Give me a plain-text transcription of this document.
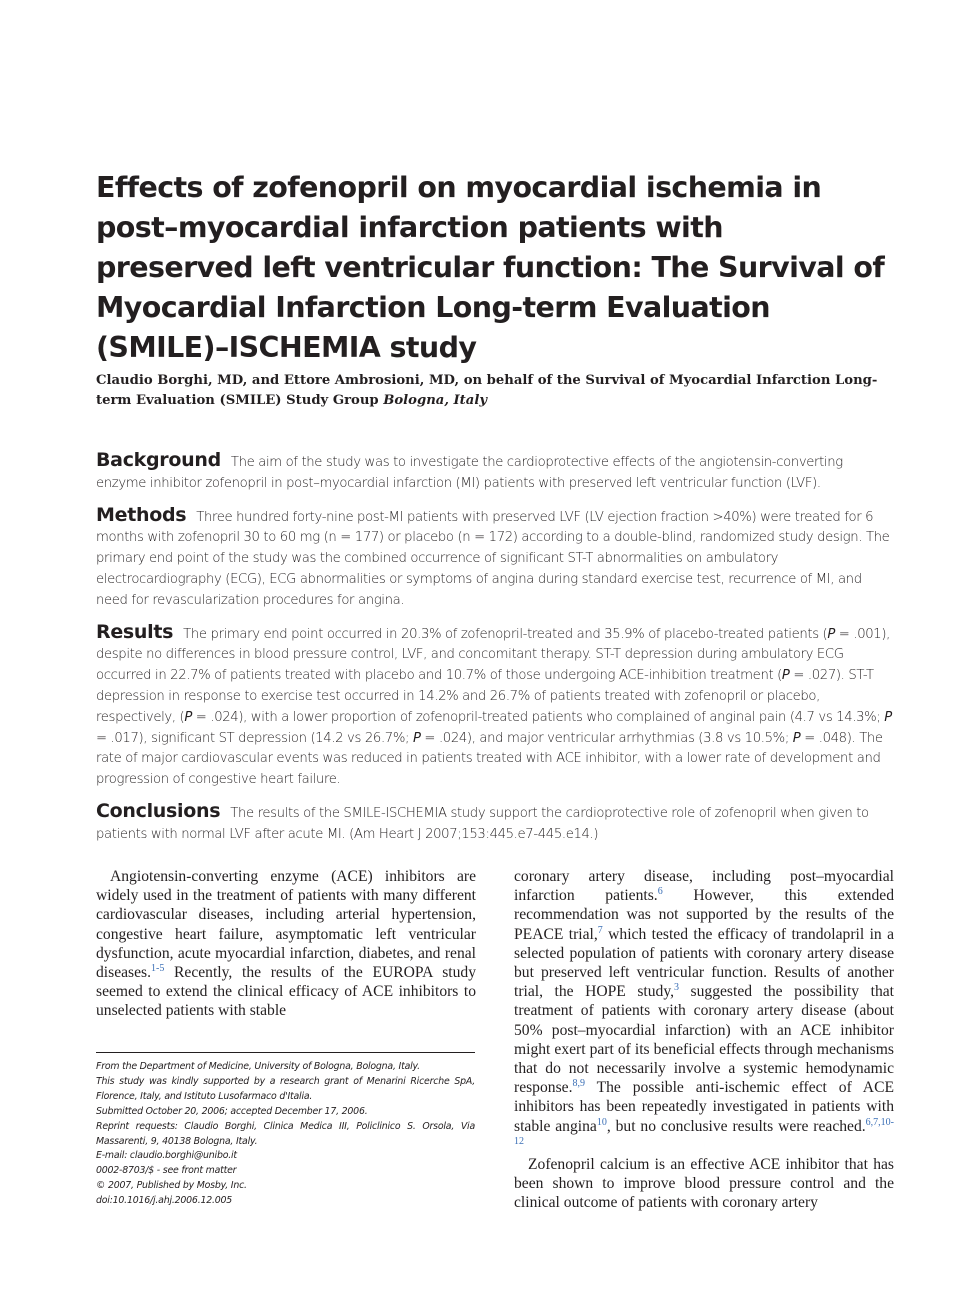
Effects of zofenopril on myocardial ischemia in post–myocardial infarction patients with preserved left ventricular function: The Survival of Myocardial Infarction Long-term Evaluation (SMILE)–ISCHEMIA study

Claudio Borghi, MD, and Ettore Ambrosioni, MD, on behalf of the Survival of Myocardial Infarction Long-term Evaluation (SMILE) Study Group Bologna, Italy

Background The aim of the study was to investigate the cardioprotective effects of the angiotensin-converting enzyme inhibitor zofenopril in post–myocardial infarction (MI) patients with preserved left ventricular function (LVF).

Methods Three hundred forty-nine post-MI patients with preserved LVF (LV ejection fraction >40%) were treated for 6 months with zofenopril 30 to 60 mg (n = 177) or placebo (n = 172) according to a double-blind, randomized study design. The primary end point of the study was the combined occurrence of significant ST-T abnormalities on ambulatory electrocardiography (ECG), ECG abnormalities or symptoms of angina during standard exercise test, recurrence of MI, and need for revascularization procedures for angina.

Results The primary end point occurred in 20.3% of zofenopril-treated and 35.9% of placebo-treated patients (P = .001), despite no differences in blood pressure control, LVF, and concomitant therapy. ST-T depression during ambulatory ECG occurred in 22.7% of patients treated with placebo and 10.7% of those undergoing ACE-inhibition treatment (P = .027). ST-T depression in response to exercise test occurred in 14.2% and 26.7% of patients treated with zofenopril or placebo, respectively, (P = .024), with a lower proportion of zofenopril-treated patients who complained of anginal pain (4.7 vs 14.3%; P = .017), significant ST depression (14.2 vs 26.7%; P = .024), and major ventricular arrhythmias (3.8 vs 10.5%; P = .048). The rate of major cardiovascular events was reduced in patients treated with ACE inhibitor, with a lower rate of development and progression of congestive heart failure.

Conclusions The results of the SMILE-ISCHEMIA study support the cardioprotective role of zofenopril when given to patients with normal LVF after acute MI. (Am Heart J 2007;153:445.e7-445.e14.)

Angiotensin-converting enzyme (ACE) inhibitors are widely used in the treatment of patients with many different cardiovascular diseases, including arterial hypertension, congestive heart failure, asymptomatic left ventricular dysfunction, acute myocardial infarction, diabetes, and renal diseases.$^{1-5}$ Recently, the results of the EUROPA study seemed to extend the clinical efficacy of ACE inhibitors to unselected patients with stable

From the Department of Medicine, University of Bologna, Bologna, Italy.
This study was kindly supported by a research grant of Menarini Ricerche SpA, Florence, Italy, and Istituto Lusofarmaco d'Italia.
Submitted October 20, 2006; accepted December 17, 2006.
Reprint requests: Claudio Borghi, Clinica Medica III, Policlinico S. Orsola, Via Massarenti, 9, 40138 Bologna, Italy.
E-mail: claudio.borghi@unibo.it
0002-8703/$ - see front matter
© 2007, Published by Mosby, Inc.
doi:10.1016/j.ahj.2006.12.005

coronary artery disease, including post–myocardial infarction patients.$^6$ However, this extended recommendation was not supported by the results of the PEACE trial,$^7$ which tested the efficacy of trandolapril in a selected population of patients with coronary artery disease but preserved left ventricular function. Results of another trial, the HOPE study,$^3$ suggested the possibility that treatment of patients with coronary artery disease (about 50% post–myocardial infarction) with an ACE inhibitor might exert part of its beneficial effects through mechanisms that do not necessarily involve a systemic hemodynamic response.$^{8,9}$ The possible anti-ischemic effect of ACE inhibitors has been repeatedly investigated in patients with stable angina$^{10}$, but no conclusive results were reached.$^{6,7,10-12}$

Zofenopril calcium is an effective ACE inhibitor that has been shown to improve blood pressure control and the clinical outcome of patients with coronary artery
